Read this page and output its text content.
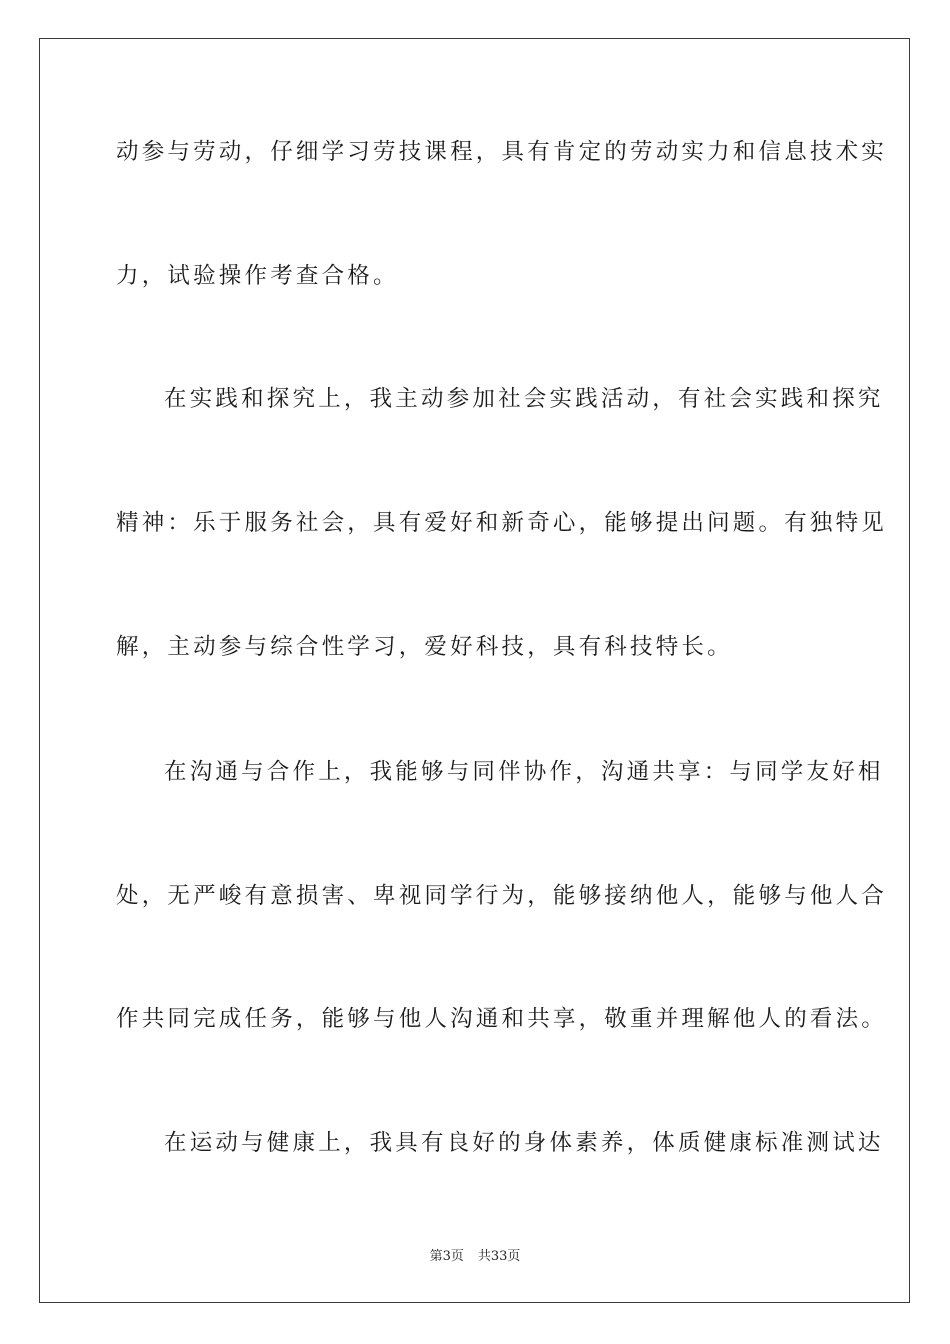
动参与劳动，仔细学习劳技课程，具有肯定的劳动实力和信息技术实
力，试验操作考查合格。
在实践和探究上，我主动参加社会实践活动，有社会实践和探究
精神：乐于服务社会，具有爱好和新奇心，能够提出问题。有独特见
解，主动参与综合性学习，爱好科技，具有科技特长。
在沟通与合作上，我能够与同伴协作，沟通共享：与同学友好相
处，无严峻有意损害、卑视同学行为，能够接纳他人，能够与他人合
作共同完成任务，能够与他人沟通和共享，敬重并理解他人的看法。
在运动与健康上，我具有良好的身体素养，体质健康标准测试达
第3页 共33页
